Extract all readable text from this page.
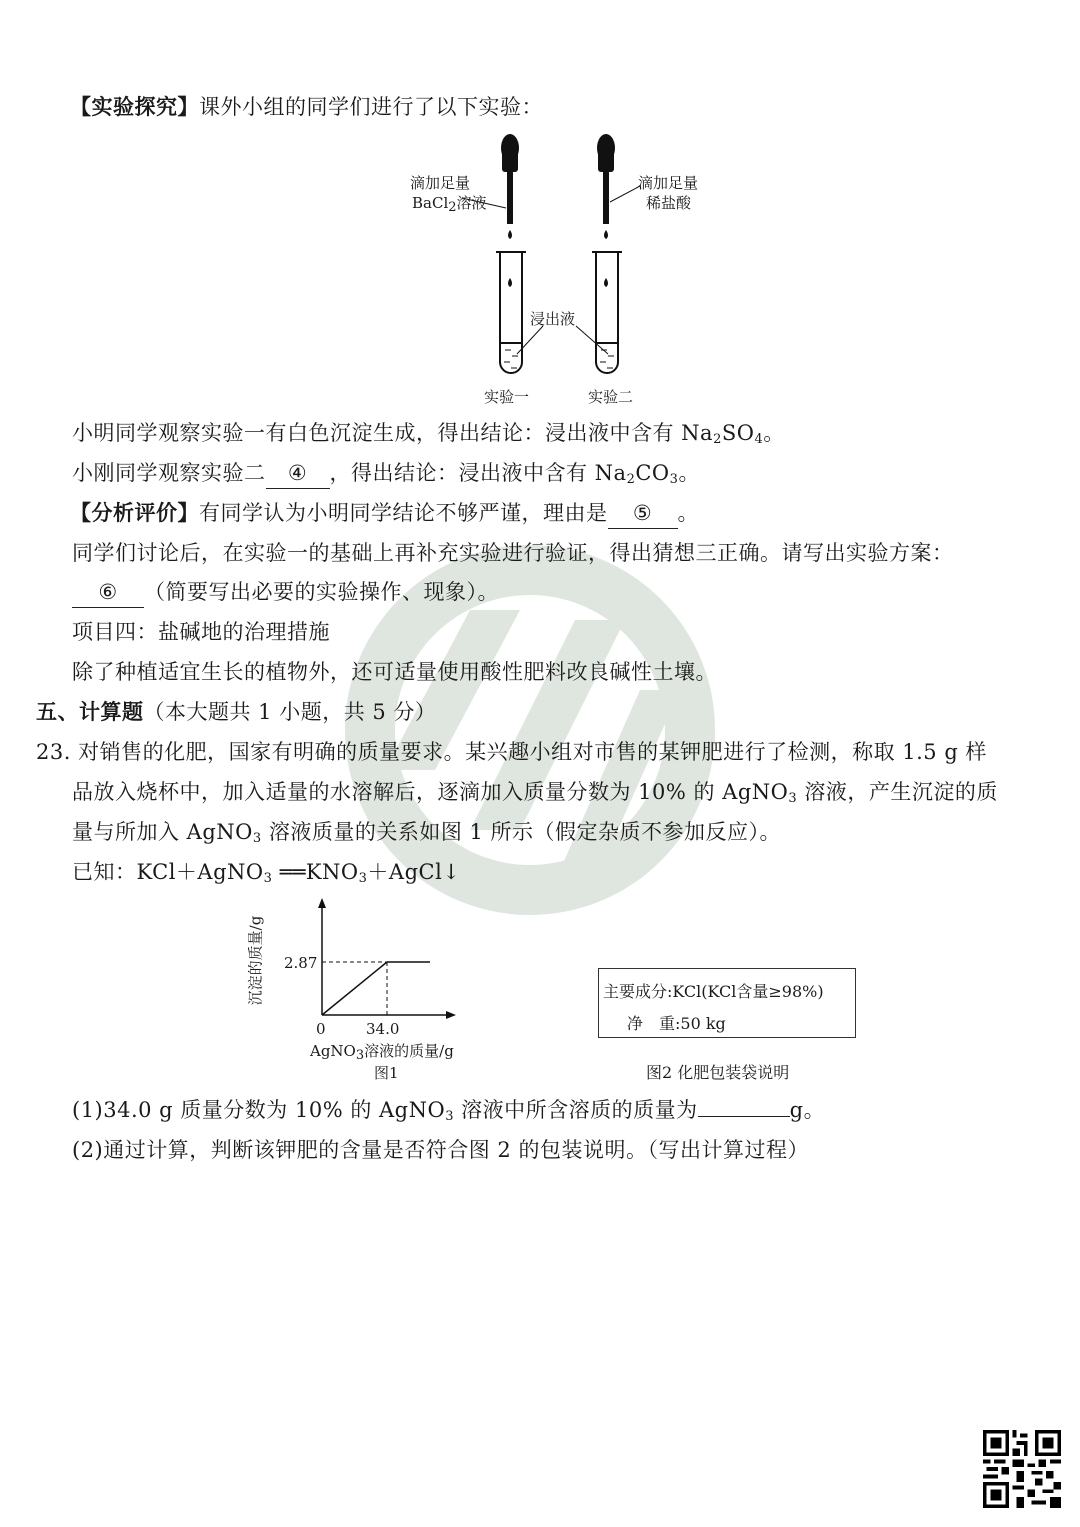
【实验探究】课外小组的同学们进行了以下实验：
滴加足量
BaCl$_2$溶液
滴加足量
稀盐酸
浸出液
实验一	实验二
小明同学观察实验一有白色沉淀生成，得出结论：浸出液中含有 $Na_2SO_4$。
小刚同学观察实验二 ④ ，得出结论：浸出液中含有 $Na_2CO_3$。
【分析评价】有同学认为小明同学结论不够严谨，理由是 ⑤ 。
同学们讨论后，在实验一的基础上再补充实验进行验证，得出猜想三正确。请写出实验方案：
⑥ （简要写出必要的实验操作、现象）。
项目四：盐碱地的治理措施
除了种植适宜生长的植物外，还可适量使用酸性肥料改良碱性土壤。
五、计算题（本大题共 1 小题，共 5 分）
23. 对销售的化肥，国家有明确的质量要求。某兴趣小组对市售的某钾肥进行了检测，称取 1.5 g 样
品放入烧杯中，加入适量的水溶解后，逐滴加入质量分数为 10% 的 AgNO$_3$ 溶液，产生沉淀的质
量与所加入 AgNO$_3$ 溶液质量的关系如图 1 所示（假定杂质不参加反应）。
已知：KCl＋AgNO$_3$ $══KNO_3+AgCl↓$
2.87
0	34.0
沉淀的质量/g
AgNO$_3$溶液的质量/g
图1
主要成分:KCl(KCl含量≥98%)
净　重:50 kg
图2 化肥包装袋说明
(1)34.0 g 质量分数为 10% 的 AgNO$_3$ 溶液中所含溶质的质量为	g。
(2)通过计算，判断该钾肥的含量是否符合图 2 的包装说明。（写出计算过程）
